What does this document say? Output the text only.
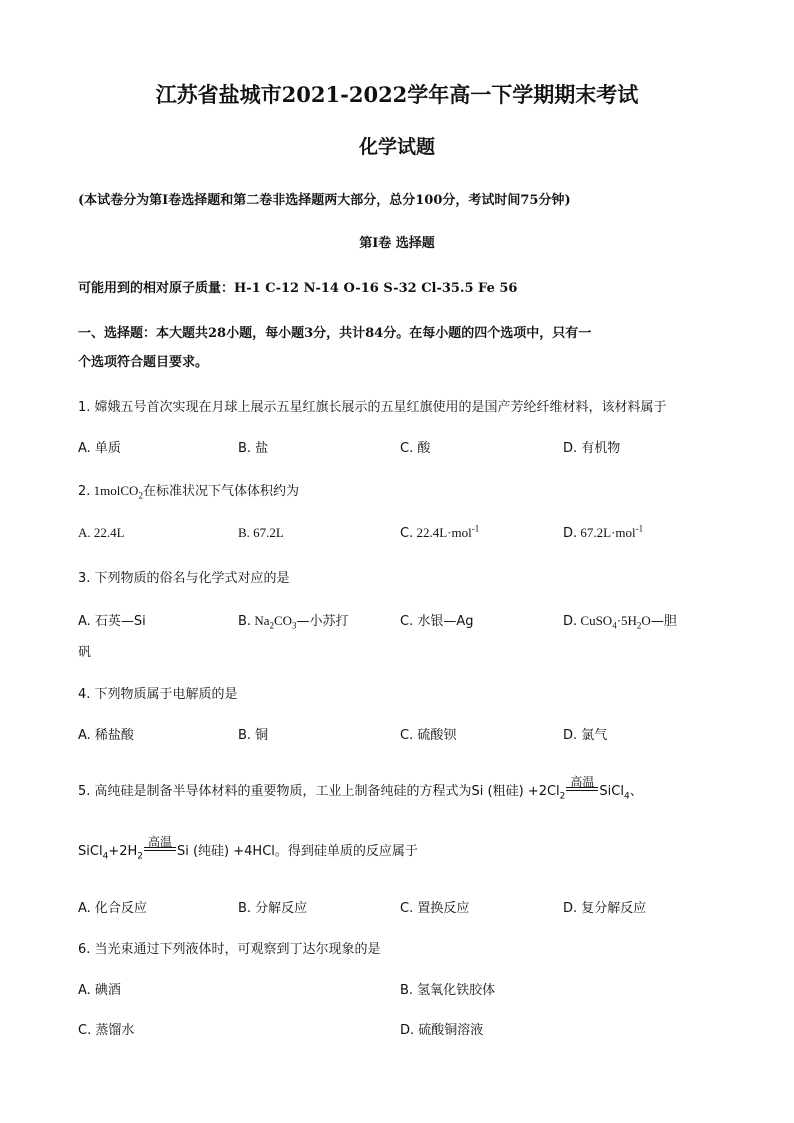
江苏省盐城市2021-2022学年高一下学期期末考试
化学试题
(本试卷分为第Ⅰ卷选择题和第二卷非选择题两大部分，总分100分，考试时间75分钟)
第Ⅰ卷 选择题
可能用到的相对原子质量：H-1 C-12 N-14 O-16 S-32 Cl-35.5 Fe 56
一、选择题：本大题共28小题，每小题3分，共计84分。在每小题的四个选项中，只有一
个选项符合题目要求。
1. 嫦娥五号首次实现在月球上展示五星红旗长展示的五星红旗使用的是国产芳纶纤维材料，该材料属于
A. 单质	B. 盐	C. 酸	D. 有机物
2. 1molCO$_2$在标准状况下气体体积约为
A. 22.4L	B. 67.2L	C. 22.4L·mol$^{-1}$	D. 67.2L·mol$^{-1}$
3. 下列物质的俗名与化学式对应的是
A. 石英—Si	B. $Na_2CO_3—$小苏打	C. 水银—Ag	D. $CuSO_4\cdot 5H_2O—$胆
矾
4. 下列物质属于电解质的是
A. 稀盐酸	B. 铜	C. 硫酸钡	D. 氯气
5. 高纯硅是制备半导体材料的重要物质，工业上制备纯硅的方程式为Si (粗硅) $+2Cl_2$
高温
SiCl$_4$、
$SiCl_4+2H_2$
高温
Si (纯硅) +4HCl。得到硅单质的反应属于
A. 化合反应	B. 分解反应	C. 置换反应	D. 复分解反应
6. 当光束通过下列液体时，可观察到丁达尔现象的是
A. 碘酒	B. 氢氧化铁胶体
C. 蒸馏水	D. 硫酸铜溶液
